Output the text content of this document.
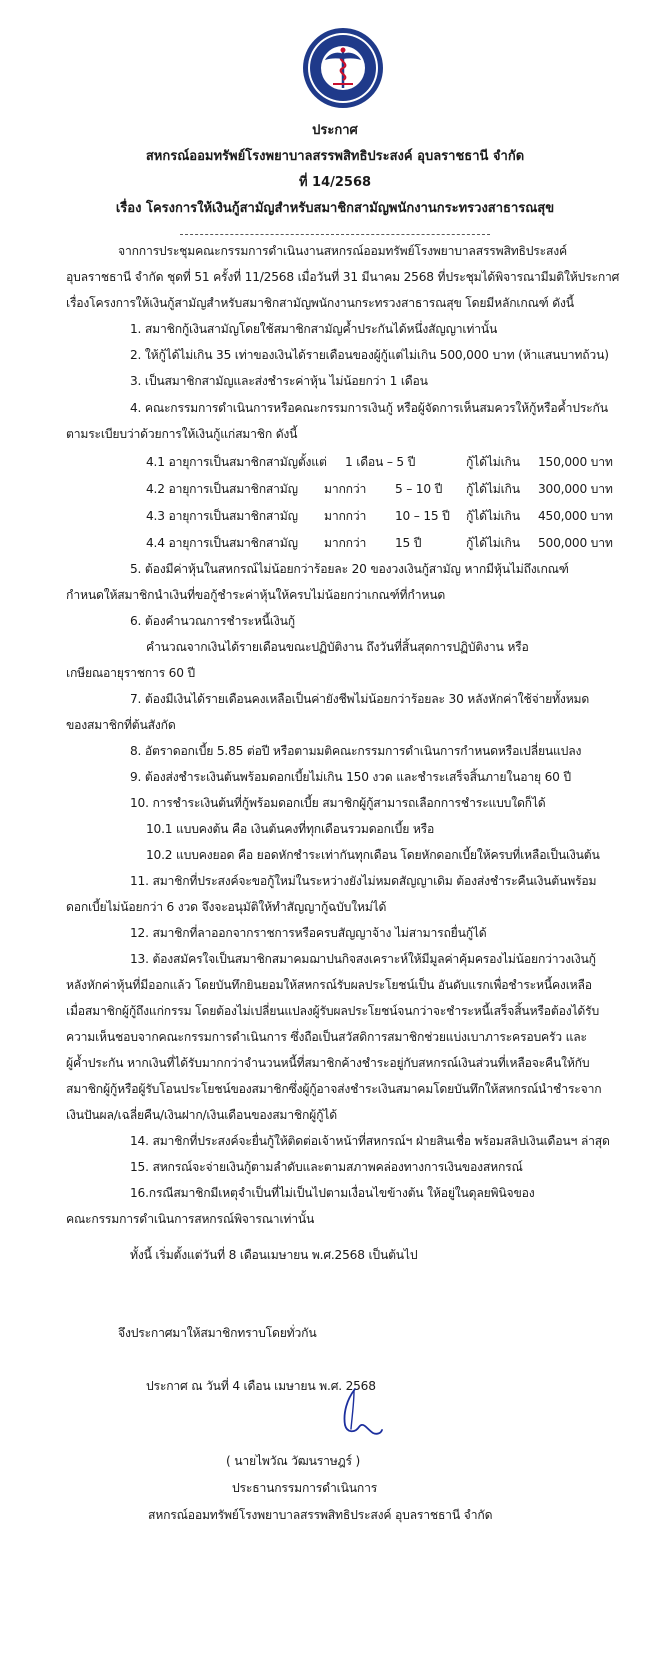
ประกาศ
สหกรณ์ออมทรัพย์โรงพยาบาลสรรพสิทธิประสงค์ อุบลราชธานี จำกัด
ที่ 14/2568
เรื่อง โครงการให้เงินกู้สามัญสำหรับสมาชิกสามัญพนักงานกระทรวงสาธารณสุข
จากการประชุมคณะกรรมการดำเนินงานสหกรณ์ออมทรัพย์โรงพยาบาลสรรพสิทธิประสงค์
อุบลราชธานี จำกัด ชุดที่ 51 ครั้งที่ 11/2568 เมื่อวันที่ 31 มีนาคม 2568 ที่ประชุมได้พิจารณามีมติให้ประกาศ
เรื่องโครงการให้เงินกู้สามัญสำหรับสมาชิกสามัญพนักงานกระทรวงสาธารณสุข โดยมีหลักเกณฑ์ ดังนี้
1. สมาชิกกู้เงินสามัญโดยใช้สมาชิกสามัญค้ำประกันได้หนึ่งสัญญาเท่านั้น
2. ให้กู้ได้ไม่เกิน 35 เท่าของเงินได้รายเดือนของผู้กู้แต่ไม่เกิน 500,000 บาท (ห้าแสนบาทถ้วน)
3. เป็นสมาชิกสามัญและส่งชำระค่าหุ้น ไม่น้อยกว่า 1 เดือน
4. คณะกรรมการดำเนินการหรือคณะกรรมการเงินกู้ หรือผู้จัดการเห็นสมควรให้กู้หรือค้ำประกัน
ตามระเบียบว่าด้วยการให้เงินกู้แก่สมาชิก ดังนี้
4.1 อายุการเป็นสมาชิกสามัญตั้งแต่ 1 เดือน – 5 ปี	กู้ได้ไม่เกิน 150,000 บาท
4.2 อายุการเป็นสมาชิกสามัญ มากกว่า 5 – 10 ปี กู้ได้ไม่เกิน 300,000 บาท
4.3 อายุการเป็นสมาชิกสามัญ มากกว่า 10 – 15 ปี กู้ได้ไม่เกิน 450,000 บาท
4.4 อายุการเป็นสมาชิกสามัญ มากกว่า 15 ปี	กู้ได้ไม่เกิน 500,000 บาท
5. ต้องมีค่าหุ้นในสหกรณ์ไม่น้อยกว่าร้อยละ 20 ของวงเงินกู้สามัญ หากมีหุ้นไม่ถึงเกณฑ์
กำหนดให้สมาชิกนำเงินที่ขอกู้ชำระค่าหุ้นให้ครบไม่น้อยกว่าเกณฑ์ที่กำหนด
6. ต้องคำนวณการชำระหนี้เงินกู้
คำนวณจากเงินได้รายเดือนขณะปฏิบัติงาน ถึงวันที่สิ้นสุดการปฏิบัติงาน หรือ
เกษียณอายุราชการ 60 ปี
7. ต้องมีเงินได้รายเดือนคงเหลือเป็นค่ายังชีพไม่น้อยกว่าร้อยละ 30 หลังหักค่าใช้จ่ายทั้งหมด
ของสมาชิกที่ต้นสังกัด
8. อัตราดอกเบี้ย 5.85 ต่อปี หรือตามมติคณะกรรมการดำเนินการกำหนดหรือเปลี่ยนแปลง
9. ต้องส่งชำระเงินต้นพร้อมดอกเบี้ยไม่เกิน 150 งวด และชำระเสร็จสิ้นภายในอายุ 60 ปี
10. การชำระเงินต้นที่กู้พร้อมดอกเบี้ย สมาชิกผู้กู้สามารถเลือกการชำระแบบใดก็ได้
10.1 แบบคงต้น คือ เงินต้นคงที่ทุกเดือนรวมดอกเบี้ย หรือ
10.2 แบบคงยอด คือ ยอดหักชำระเท่ากันทุกเดือน โดยหักดอกเบี้ยให้ครบที่เหลือเป็นเงินต้น
11. สมาชิกที่ประสงค์จะขอกู้ใหม่ในระหว่างยังไม่หมดสัญญาเดิม ต้องส่งชำระคืนเงินต้นพร้อม
ดอกเบี้ยไม่น้อยกว่า 6 งวด จึงจะอนุมัติให้ทำสัญญากู้ฉบับใหม่ได้
12. สมาชิกที่ลาออกจากราชการหรือครบสัญญาจ้าง ไม่สามารถยื่นกู้ได้
13. ต้องสมัครใจเป็นสมาชิกสมาคมฌาปนกิจสงเคราะห์ให้มีมูลค่าคุ้มครองไม่น้อยกว่าวงเงินกู้
หลังหักค่าหุ้นที่มีออกแล้ว โดยบันทึกยินยอมให้สหกรณ์รับผลประโยชน์เป็น อันดับแรกเพื่อชำระหนี้คงเหลือ
เมื่อสมาชิกผู้กู้ถึงแก่กรรม โดยต้องไม่เปลี่ยนแปลงผู้รับผลประโยชน์จนกว่าจะชำระหนี้เสร็จสิ้นหรือต้องได้รับ
ความเห็นชอบจากคณะกรรมการดำเนินการ ซึ่งถือเป็นสวัสดิการสมาชิกช่วยแบ่งเบาภาระครอบครัว และ
ผู้ค้ำประกัน หากเงินที่ได้รับมากกว่าจำนวนหนี้ที่สมาชิกค้างชำระอยู่กับสหกรณ์เงินส่วนที่เหลือจะคืนให้กับ
สมาชิกผู้กู้หรือผู้รับโอนประโยชน์ของสมาชิกซึ่งผู้กู้อาจส่งชำระเงินสมาคมโดยบันทึกให้สหกรณ์นำชำระจาก
เงินปันผล/เฉลี่ยคืน/เงินฝาก/เงินเดือนของสมาชิกผู้กู้ได้
14. สมาชิกที่ประสงค์จะยื่นกู้ให้ติดต่อเจ้าหน้าที่สหกรณ์ฯ ฝ่ายสินเชื่อ พร้อมสลิปเงินเดือนฯ ล่าสุด
15. สหกรณ์จะจ่ายเงินกู้ตามลำดับและตามสภาพคล่องทางการเงินของสหกรณ์
16.กรณีสมาชิกมีเหตุจำเป็นที่ไม่เป็นไปตามเงื่อนไขข้างต้น ให้อยู่ในดุลยพินิจของ
คณะกรรมการดำเนินการสหกรณ์พิจารณาเท่านั้น
ทั้งนี้ เริ่มตั้งแต่วันที่ 8 เดือนเมษายน พ.ศ.2568 เป็นต้นไป
จึงประกาศมาให้สมาชิกทราบโดยทั่วกัน
ประกาศ ณ วันที่ 4 เดือน เมษายน พ.ศ. 2568
( นายไพวัณ วัฒนราษฎร์ )
ประธานกรรมการดำเนินการ
สหกรณ์ออมทรัพย์โรงพยาบาลสรรพสิทธิประสงค์ อุบลราชธานี จำกัด
